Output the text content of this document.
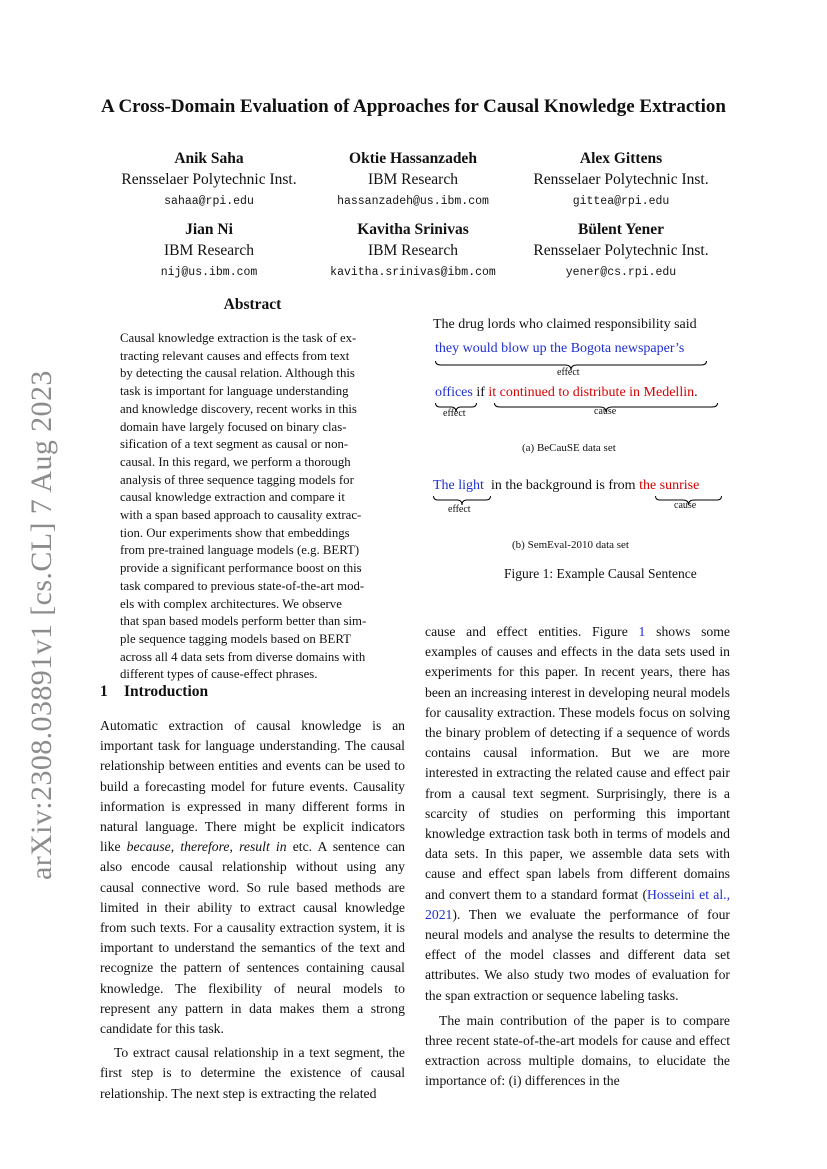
arXiv:2308.03891v1 [cs.CL] 7 Aug 2023
A Cross-Domain Evaluation of Approaches for Causal Knowledge Extraction
Anik Saha
Rensselaer Polytechnic Inst.
sahaa@rpi.edu
Oktie Hassanzadeh
IBM Research
hassanzadeh@us.ibm.com
Alex Gittens
Rensselaer Polytechnic Inst.
gittea@rpi.edu
Jian Ni
IBM Research
nij@us.ibm.com
Kavitha Srinivas
IBM Research
kavitha.srinivas@ibm.com
Bülent Yener
Rensselaer Polytechnic Inst.
yener@cs.rpi.edu
Abstract
Causal knowledge extraction is the task of ex-
tracting relevant causes and effects from text
by detecting the causal relation. Although this
task is important for language understanding
and knowledge discovery, recent works in this
domain have largely focused on binary clas-
sification of a text segment as causal or non-
causal. In this regard, we perform a thorough
analysis of three sequence tagging models for
causal knowledge extraction and compare it
with a span based approach to causality extrac-
tion. Our experiments show that embeddings
from pre-trained language models (e.g. BERT)
provide a significant performance boost on this
task compared to previous state-of-the-art mod-
els with complex architectures. We observe
that span based models perform better than sim-
ple sequence tagging models based on BERT
across all 4 data sets from diverse domains with
different types of cause-effect phrases.
The drug lords who claimed responsibility said
they would blow up the Bogota newspaper’s
effect
offices if it continued to distribute in Medellin.
effect	cause
(a) BeCauSE data set
The light in the background is from the sunrise
effect	cause
(b) SemEval-2010 data set
Figure 1: Example Causal Sentence
1 Introduction

Automatic extraction of causal knowledge is an important task for language understanding. The causal relationship between entities and events can be used to build a forecasting model for future events. Causality information is expressed in many different forms in natural language. There might be explicit indicators like because, therefore, result in etc. A sentence can also encode causal relationship without using any causal connective word. So rule based methods are limited in their ability to extract causal knowledge from such texts. For a causality extraction system, it is important to understand the semantics of the text and recognize the pattern of sentences containing causal knowledge. The flexibility of neural models to represent any pattern in data makes them a strong candidate for this task.

To extract causal relationship in a text segment, the first step is to determine the existence of causal relationship. The next step is extracting the related

cause and effect entities. Figure 1 shows some examples of causes and effects in the data sets used in experiments for this paper. In recent years, there has been an increasing interest in developing neural models for causality extraction. These models focus on solving the binary problem of detecting if a sequence of words contains causal information. But we are more interested in extracting the related cause and effect pair from a causal text segment. Surprisingly, there is a scarcity of studies on performing this important knowledge extraction task both in terms of models and data sets. In this paper, we assemble data sets with cause and effect span labels from different domains and convert them to a standard format (Hosseini et al., 2021). Then we evaluate the performance of four neural models and analyse the results to determine the effect of the model classes and different data set attributes. We also study two modes of evaluation for the span extraction or sequence labeling tasks.

The main contribution of the paper is to compare three recent state-of-the-art models for cause and effect extraction across multiple domains, to elucidate the importance of: (i) differences in the
